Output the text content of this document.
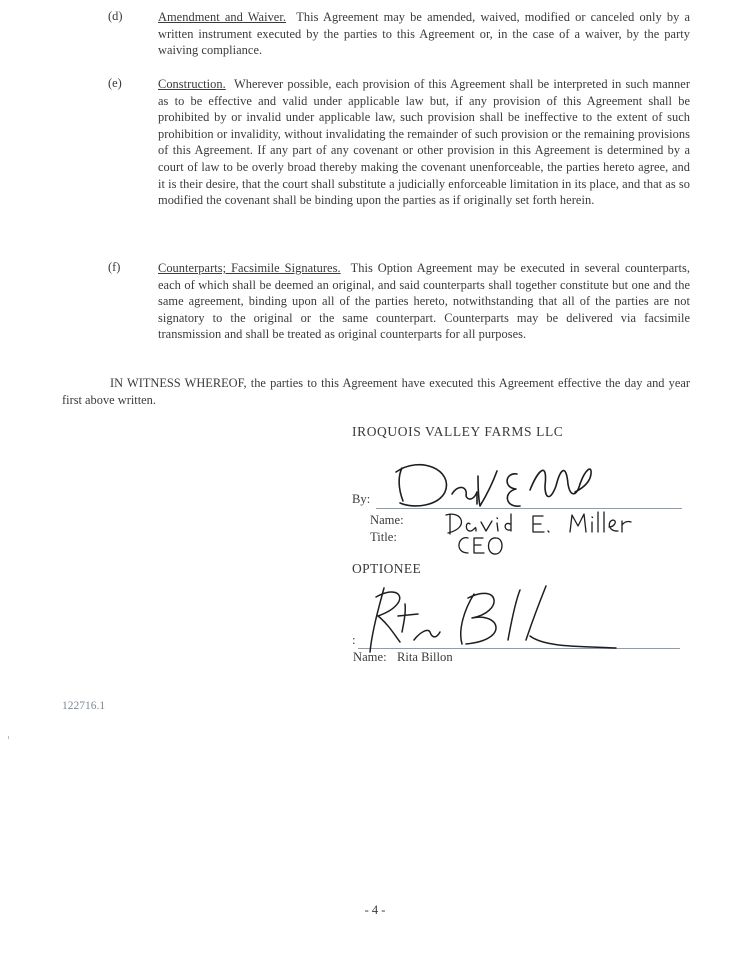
(d)	Amendment and Waiver. This Agreement may be amended, waived, modified or canceled only by a written instrument executed by the parties to this Agreement or, in the case of a waiver, by the party waiving compliance.
(e)	Construction. Wherever possible, each provision of this Agreement shall be interpreted in such manner as to be effective and valid under applicable law but, if any provision of this Agreement shall be prohibited by or invalid under applicable law, such provision shall be ineffective to the extent of such prohibition or invalidity, without invalidating the remainder of such provision or the remaining provisions of this Agreement. If any part of any covenant or other provision in this Agreement is determined by a court of law to be overly broad thereby making the covenant unenforceable, the parties hereto agree, and it is their desire, that the court shall substitute a judicially enforceable limitation in its place, and that as so modified the covenant shall be binding upon the parties as if originally set forth herein.
(f)	Counterparts; Facsimile Signatures. This Option Agreement may be executed in several counterparts, each of which shall be deemed an original, and said counterparts shall together constitute but one and the same agreement, binding upon all of the parties hereto, notwithstanding that all of the parties are not signatory to the original or the same counterpart. Counterparts may be delivered via facsimile transmission and shall be treated as original counterparts for all purposes.
IN WITNESS WHEREOF, the parties to this Agreement have executed this Agreement effective the day and year first above written.
IROQUOIS VALLEY FARMS LLC
By:
Name:
Title:
OPTIONEE
:
Name: Rita Billon
122716.1
- 4 -
